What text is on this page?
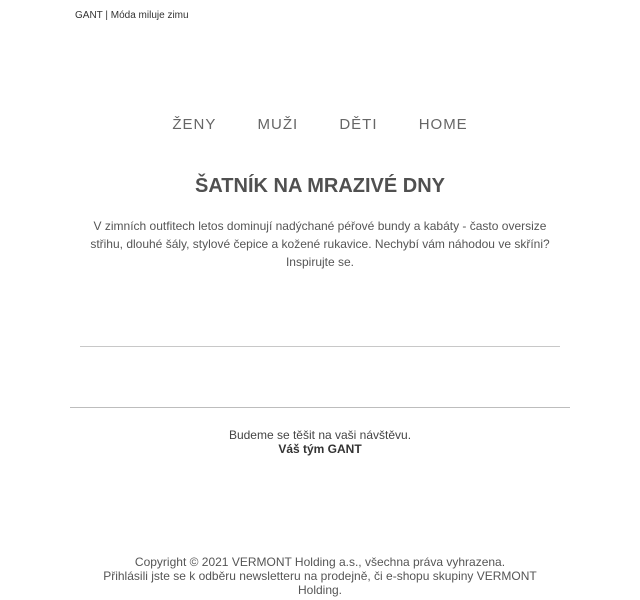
GANT | Móda miluje zimu
ŽENY	MUŽI	DĚTI	HOME
ŠATNÍK NA MRAZIVÉ DNY

V zimních outfitech letos dominují nadýchané péřové bundy a kabáty - často oversize střihu, dlouhé šály, stylové čepice a kožené rukavice. Nechybí vám náhodou ve skříni? Inspirujte se.

Budeme se těšit na vaši návštěvu.
Váš tým GANT
Copyright © 2021 VERMONT Holding a.s., všechna práva vyhrazena.
Přihlásili jste se k odběru newsletteru na prodejně, či e-shopu skupiny VERMONT Holding.
